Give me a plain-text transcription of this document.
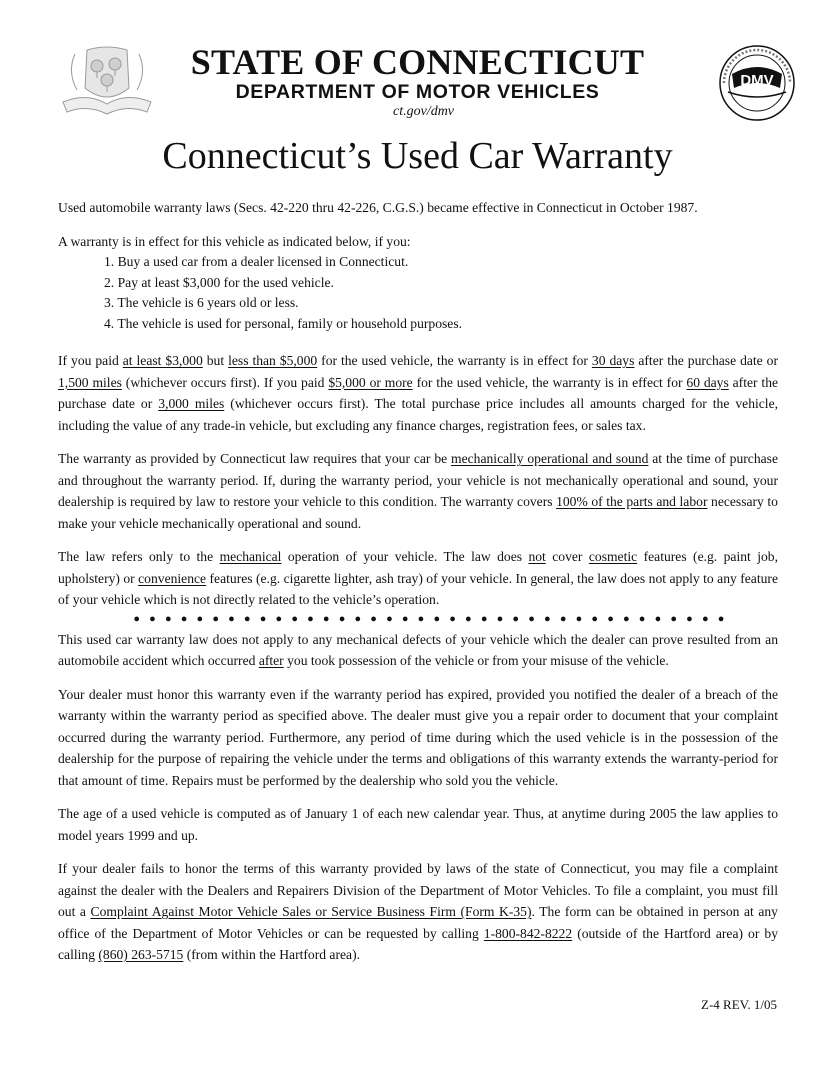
DMV
STATE OF CONNECTICUT
DEPARTMENT OF MOTOR VEHICLES
ct.gov/dmv
Connecticut’s Used Car Warranty

Used automobile warranty laws (Secs. 42-220 thru 42-226, C.G.S.) became effective in Connecticut in October 1987.

A warranty is in effect for this vehicle as indicated below, if you:

1. Buy a used car from a dealer licensed in Connecticut.
2. Pay at least $3,000 for the used vehicle.
3. The vehicle is 6 years old or less.
4. The vehicle is used for personal, family or household purposes.

If you paid at least $3,000 but less than $5,000 for the used vehicle, the warranty is in effect for 30 days after the purchase date or 1,500 miles (whichever occurs first). If you paid $5,000 or more for the used vehicle, the warranty is in effect for 60 days after the purchase date or 3,000 miles (whichever occurs first). The total purchase price includes all amounts charged for the vehicle, including the value of any trade-in vehicle, but excluding any finance charges, registration fees, or sales tax.

The warranty as provided by Connecticut law requires that your car be mechanically operational and sound at the time of purchase and throughout the warranty period. If, during the warranty period, your vehicle is not mechanically operational and sound, your dealership is required by law to restore your vehicle to this condition. The warranty covers 100% of the parts and labor necessary to make your vehicle mechanically operational and sound.

The law refers only to the mechanical operation of your vehicle. The law does not cover cosmetic features (e.g. paint job, upholstery) or convenience features (e.g. cigarette lighter, ash tray) of your vehicle. In general, the law does not apply to any feature of your vehicle which is not directly related to the vehicle’s operation.

● ● ● ● ● ● ● ● ● ● ● ● ● ● ● ● ● ● ● ● ● ● ● ● ● ● ● ● ● ● ● ● ● ● ● ● ● ●

This used car warranty law does not apply to any mechanical defects of your vehicle which the dealer can prove resulted from an automobile accident which occurred after you took possession of the vehicle or from your misuse of the vehicle.

Your dealer must honor this warranty even if the warranty period has expired, provided you notified the dealer of a breach of the warranty within the warranty period as specified above. The dealer must give you a repair order to document that your complaint occurred during the warranty period. Furthermore, any period of time during which the used vehicle is in the possession of the dealership for the purpose of repairing the vehicle under the terms and obligations of this warranty extends the warranty-period for that amount of time. Repairs must be performed by the dealership who sold you the vehicle.

The age of a used vehicle is computed as of January 1 of each new calendar year. Thus, at anytime during 2005 the law applies to model years 1999 and up.

If your dealer fails to honor the terms of this warranty provided by laws of the state of Connecticut, you may file a complaint against the dealer with the Dealers and Repairers Division of the Department of Motor Vehicles. To file a complaint, you must fill out a Complaint Against Motor Vehicle Sales or Service Business Firm (Form K-35). The form can be obtained in person at any office of the Department of Motor Vehicles or can be requested by calling 1-800-842-8222 (outside of the Hartford area) or by calling (860) 263-5715 (from within the Hartford area).

Z-4 REV. 1/05
